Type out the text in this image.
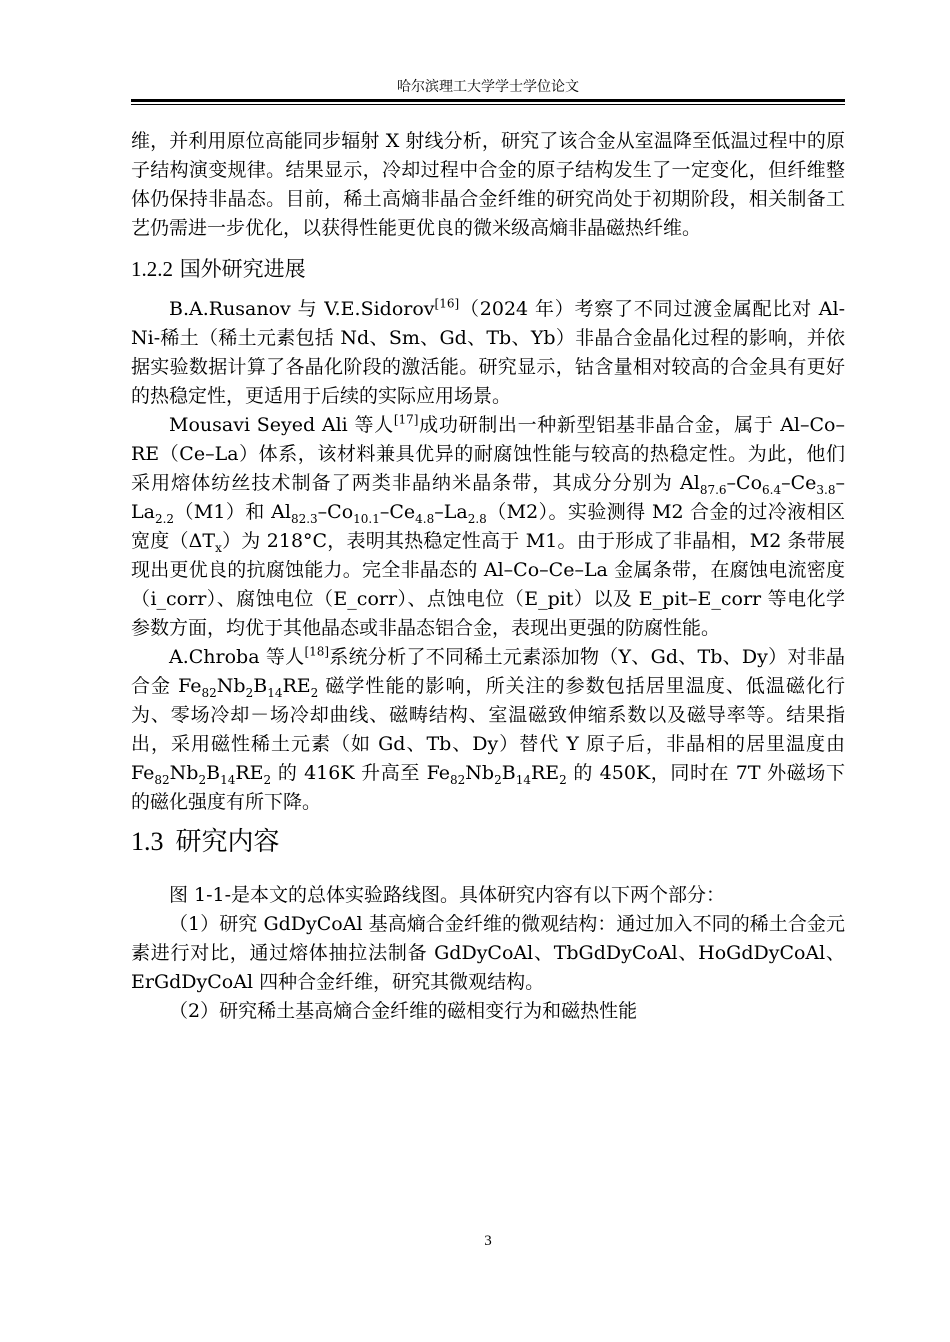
哈尔滨理工大学学士学位论文

维，并利用原位高能同步辐射 X 射线分析，研究了该合金从室温降至低温过程中的原子结构演变规律。结果显示，冷却过程中合金的原子结构发生了一定变化，但纤维整体仍保持非晶态。目前，稀土高熵非晶合金纤维的研究尚处于初期阶段，相关制备工艺仍需进一步优化，以获得性能更优良的微米级高熵非晶磁热纤维。

1.2.2 国外研究进展

B.A.Rusanov 与 V.E.Sidorov[16]（2024 年）考察了不同过渡金属配比对 Al-Ni-稀土（稀土元素包括 Nd、Sm、Gd、Tb、Yb）非晶合金晶化过程的影响，并依据实验数据计算了各晶化阶段的激活能。研究显示，钴含量相对较高的合金具有更好的热稳定性，更适用于后续的实际应用场景。

Mousavi Seyed Ali 等人[17]成功研制出一种新型铝基非晶合金，属于 Al–Co–RE（Ce–La）体系，该材料兼具优异的耐腐蚀性能与较高的热稳定性。为此，他们采用熔体纺丝技术制备了两类非晶纳米晶条带，其成分分别为 $Al_{87.6}-Co_{6.4}-Ce_{3.8}-La_{2.2}(M1)$和 $Al_{82.3}-Co_{10.1}-Ce_{4.8}-La_{2.8}(M2)$。实验测得 M2 合金的过冷液相区宽度$(\Delta T_x)$为 218°C，表明其热稳定性高于 M1。由于形成了非晶相，M2 条带展现出更优良的抗腐蚀能力。完全非晶态的 Al–Co–Ce–La 金属条带，在腐蚀电流密度（i_corr）、腐蚀电位（E_corr）、点蚀电位（E_pit）以及 E_pit–E_corr 等电化学参数方面，均优于其他晶态或非晶态铝合金，表现出更强的防腐性能。

A.Chroba 等人[18]系统分析了不同稀土元素添加物（Y、Gd、Tb、Dy）对非晶合金 $Fe_{82}Nb_2B_{14}RE_2$ 磁学性能的影响，所关注的参数包括居里温度、低温磁化行为、零场冷却－场冷却曲线、磁畴结构、室温磁致伸缩系数以及磁导率等。结果指出，采用磁性稀土元素（如 Gd、Tb、Dy）替代 Y 原子后，非晶相的居里温度由 $Fe_{82}Nb_2B_{14}RE_2$ 的 416K 升高至 $Fe_{82}Nb_2B_{14}RE_2$ 的 450K，同时在 7T 外磁场下的磁化强度有所下降。

1.3 研究内容

图 1-1-是本文的总体实验路线图。具体研究内容有以下两个部分：

（1）研究 GdDyCoAl 基高熵合金纤维的微观结构：通过加入不同的稀土合金元素进行对比，通过熔体抽拉法制备 GdDyCoAl、TbGdDyCoAl、HoGdDyCoAl、ErGdDyCoAl 四种合金纤维，研究其微观结构。

（2）研究稀土基高熵合金纤维的磁相变行为和磁热性能

3
